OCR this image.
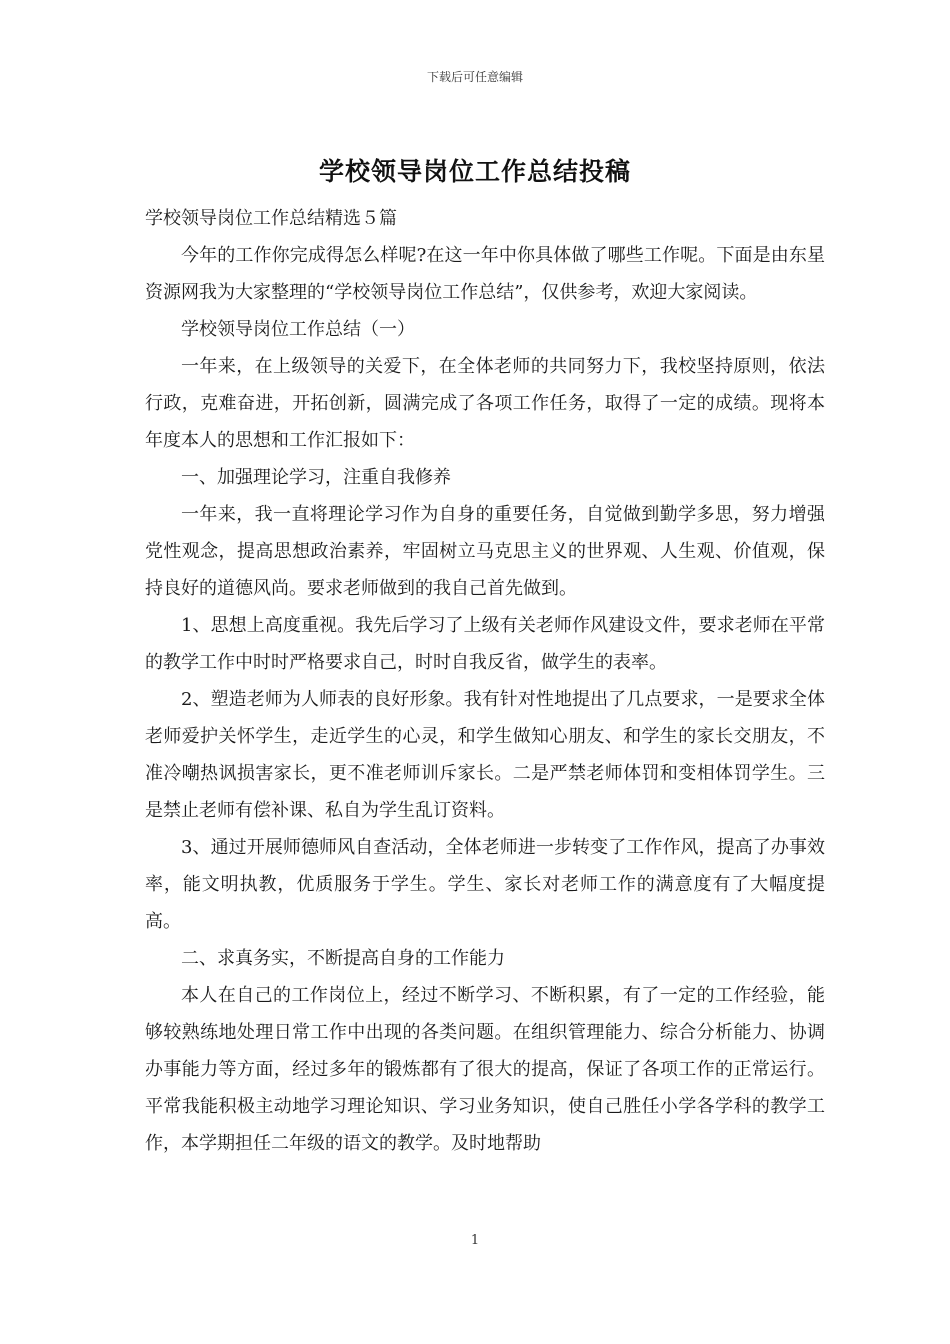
下载后可任意编辑
学校领导岗位工作总结投稿

学校领导岗位工作总结精选５篇

今年的工作你完成得怎么样呢?在这一年中你具体做了哪些工作呢。下面是由东星资源网我为大家整理的“学校领导岗位工作总结”，仅供参考，欢迎大家阅读。

学校领导岗位工作总结（一）

一年来，在上级领导的关爱下，在全体老师的共同努力下，我校坚持原则，依法行政，克难奋进，开拓创新，圆满完成了各项工作任务，取得了一定的成绩。现将本年度本人的思想和工作汇报如下：

一、加强理论学习，注重自我修养

一年来，我一直将理论学习作为自身的重要任务，自觉做到勤学多思，努力增强党性观念，提高思想政治素养，牢固树立马克思主义的世界观、人生观、价值观，保持良好的道德风尚。要求老师做到的我自己首先做到。

1、思想上高度重视。我先后学习了上级有关老师作风建设文件，要求老师在平常的教学工作中时时严格要求自己，时时自我反省，做学生的表率。

2、塑造老师为人师表的良好形象。我有针对性地提出了几点要求，一是要求全体老师爱护关怀学生，走近学生的心灵，和学生做知心朋友、和学生的家长交朋友，不准冷嘲热讽损害家长，更不准老师训斥家长。二是严禁老师体罚和变相体罚学生。三是禁止老师有偿补课、私自为学生乱订资料。

3、通过开展师德师风自查活动，全体老师进一步转变了工作作风，提高了办事效率，能文明执教，优质服务于学生。学生、家长对老师工作的满意度有了大幅度提高。

二、求真务实，不断提高自身的工作能力

本人在自己的工作岗位上，经过不断学习、不断积累，有了一定的工作经验，能够较熟练地处理日常工作中出现的各类问题。在组织管理能力、综合分析能力、协调办事能力等方面，经过多年的锻炼都有了很大的提高，保证了各项工作的正常运行。平常我能积极主动地学习理论知识、学习业务知识，使自己胜任小学各学科的教学工作，本学期担任二年级的语文的教学。及时地帮助

1
